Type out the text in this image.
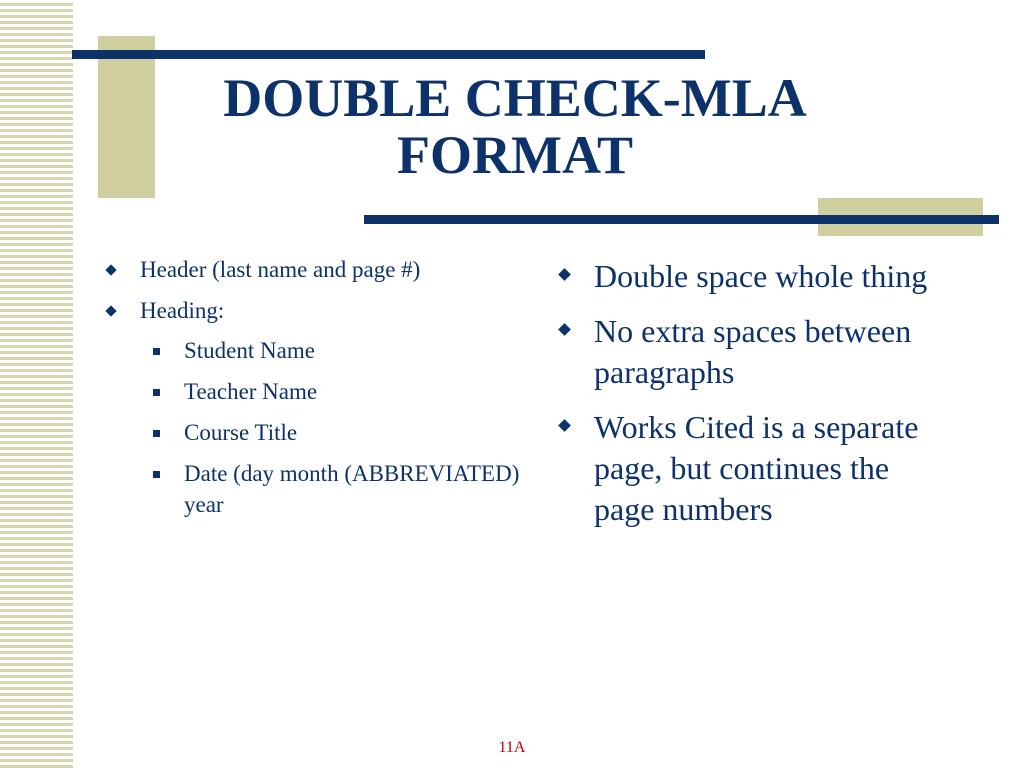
DOUBLE CHECK-MLA
FORMAT
Header (last name and page #)
Heading:
Student Name
Teacher Name
Course Title
Date (day month (ABBREVIATED) year
Double space whole thing
No extra spaces between paragraphs
Works Cited is a separate page, but continues the page numbers
11A
